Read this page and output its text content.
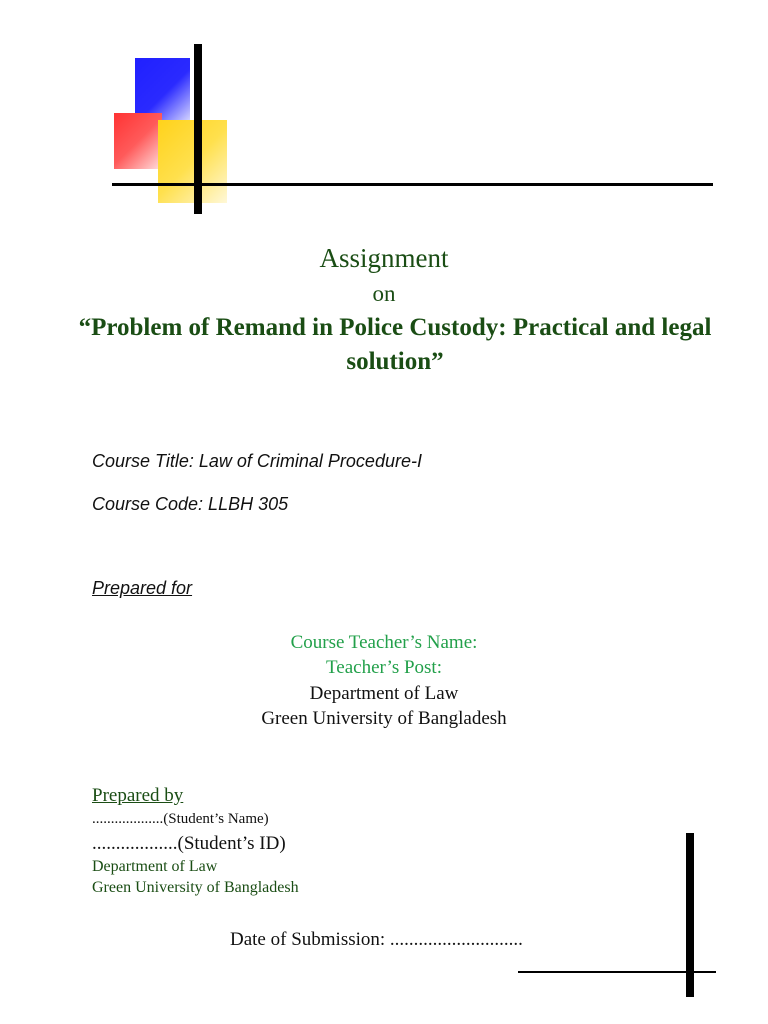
Assignment
on
“Problem of Remand in Police Custody: Practical and legal solution”
Course Title: Law of Criminal Procedure-I
Course Code: LLBH 305
Prepared for
Course Teacher’s Name:
Teacher’s Post:
Department of Law
Green University of Bangladesh
Prepared by
...................(Student’s Name)
..................(Student’s ID)
Department of Law
Green University of Bangladesh
Date of Submission: ............................
